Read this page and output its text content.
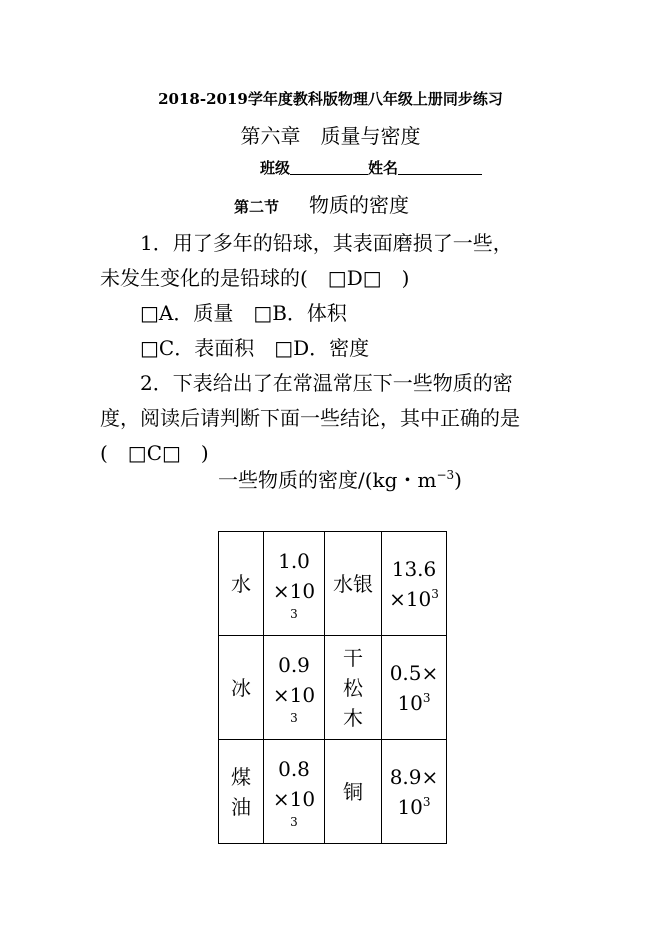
2018-2019学年度教科版物理八年级上册同步练习
第六章　质量与密度
班级	姓名
第二节 物质的密度
1．用了多年的铅球，其表面磨损了一些，
未发生变化的是铅球的(　□D□　)
□A．质量　□B．体积
□C．表面积　□D．密度
2．下表给出了在常温常压下一些物质的密
度，阅读后请判断下面一些结论，其中正确的是
(　□C□　)
一些物质的密度/(kg・$m^{-3}$)
水	1.0
×10
3	水银	13.6
$\times 10^3$

冰	0.9
×10
3	干松木	0.5×
$10^3$

煤油	0.8
×10
3	铜	8.9×
$10^3$
